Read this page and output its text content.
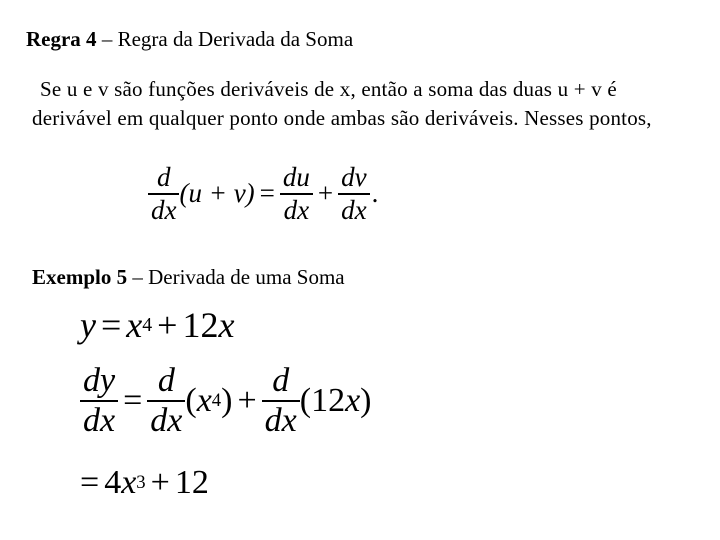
Regra 4 – Regra da Derivada da Soma
Se u e v são funções deriváveis de x, então a soma das duas u + v é derivável em qualquer ponto onde ambas são deriváveis. Nesses pontos,
$\frac{d}{dx} (u + v) = \frac{du}{dx} + \frac{dv}{dx}$ .
Exemplo 5 – Derivada de uma Soma
y = x 4 + 12 x
$\frac{dy}{dx} = \frac{d}{dx}$ ( x 4 ) + $\frac{d}{dx} (12$ x )
= 4 x 3 + 12
